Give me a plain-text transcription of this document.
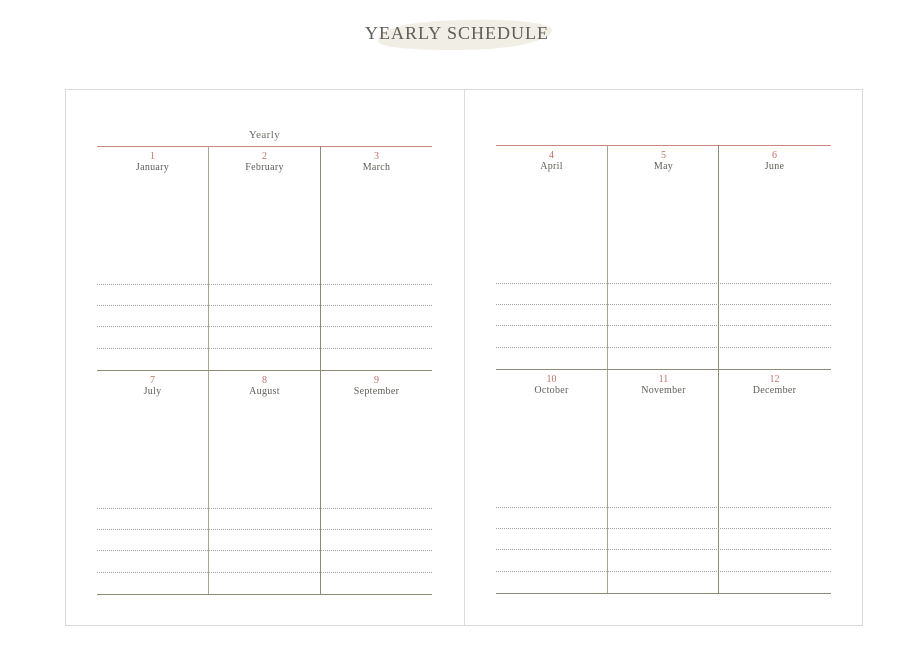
YEARLY SCHEDULE
Yearly
1
January
2
February
3
March
7
July
8
August
9
September
4
April
5
May
6
June
10
October
11
November
12
December
